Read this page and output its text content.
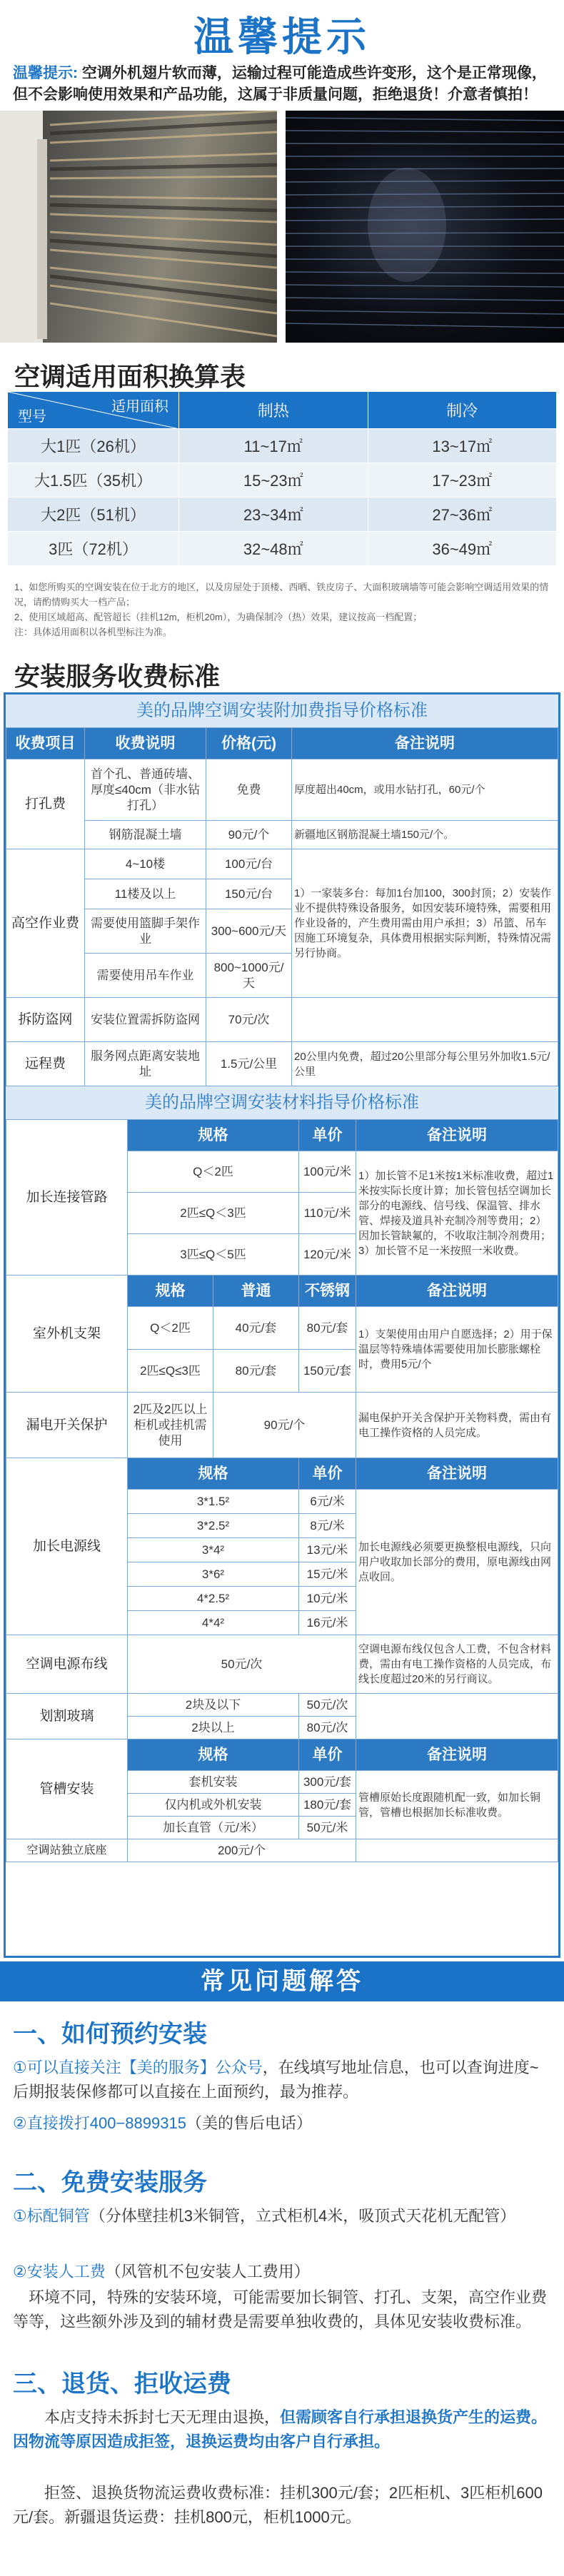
温馨提示
温馨提示: 空调外机翅片软而薄，运输过程可能造成些许变形，这个是正常现像，但不会影响使用效果和产品功能，这属于非质量问题，拒绝退货！介意者慎拍！
空调适用面积换算表
适用面积
型号	制热	制冷
大1匹（26机）	11~17㎡	13~17㎡
大1.5匹（35机）	15~23㎡	17~23㎡
大2匹（51机）	23~34㎡	27~36㎡
3匹（72机）	32~48㎡	36~49㎡
1、如您所购买的空调安装在位于北方的地区，以及房屋处于顶楼、西晒、铁皮房子、大面积玻璃墙等可能会影响空调适用效果的情况，请酌情购买大一档产品；
2、使用区域超高、配管超长（挂机12m，柜机20m），为确保制冷（热）效果，建议按高一档配置；
注：具体适用面积以各机型标注为准。
安装服务收费标准
美的品牌空调安装附加费指导价格标准
收费项目	收费说明	价格(元)	备注说明
打孔费	首个孔、普通砖墙、厚度≤40cm（非水钻打孔）	免费	厚度超出40cm，或用水钻打孔，60元/个
	钢筋混凝土墙	90元/个	新疆地区钢筋混凝土墙150元/个。
高空作业费	4~10楼	100元/台	1）一家装多台：每加1台加100，300封顶；2）安装作业不提供特殊设备服务，如因安装环境特殊，需要租用作业设备的，产生费用需由用户承担；3）吊篮、吊车因施工环境复杂，具体费用根据实际判断，特殊情况需另行协商。
	11楼及以上	150元/台	
	需要使用篮脚手架作业	300~600元/天	
	需要使用吊车作业	800~1000元/天	
拆防盗网	安装位置需拆防盗网	70元/次	
远程费	服务网点距离安装地址	1.5元/公里	20公里内免费，超过20公里部分每公里另外加收1.5元/公里
美的品牌空调安装材料指导价格标准
加长连接管路	规格		单价	备注说明
	Q＜2匹		100元/米	1）加长管不足1米按1米标准收费，超过1米按实际长度计算；加长管包括空调加长部分的电源线、信号线、保温管、排水管、焊接及道具补充制冷剂等费用；2）因加长管缺氟的，不收取注制冷剂费用；3）加长管不足一米按照一米收费。
	2匹≤Q＜3匹		110元/米	
	3匹≤Q＜5匹		120元/米	
室外机支架	规格	普通	不锈钢	备注说明
	Q＜2匹	40元/套	80元/套	1）支架使用由用户自愿选择；2）用于保温层等特殊墙体需要使用加长膨胀螺栓时，费用5元/个
	2匹≤Q≤3匹	80元/套	150元/套	
漏电开关保护	2匹及2匹以上柜机或挂机需使用	90元/个		漏电保护开关含保护开关物料费，需由有电工操作资格的人员完成。
加长电源线	规格		单价	备注说明
	3*1.5²		6元/米	加长电源线必须要更换整根电源线，只向用户收取加长部分的费用，原电源线由网点收回。
	3*2.5²		8元/米	
	3*4²		13元/米	
	3*6²		15元/米	
	4*2.5²		10元/米	
	4*4²		16元/米	
空调电源布线	50元/次			空调电源布线仅包含人工费，不包含材料费，需由有电工操作资格的人员完成，布线长度超过20米的另行商议。
划割玻璃	2块及以下		50元/次	
	2块以上		80元/次	
管槽安装	规格		单价	备注说明
	套机安装		300元/套	管槽原始长度跟随机配一致，如加长铜管，管槽也根据加长标准收费。
	仅内机或外机安装		180元/套	
	加长直管（元/米）		50元/米	
空调站独立底座	200元/个			
常见问题解答
一、如何预约安装
①可以直接关注【美的服务】公众号，在线填写地址信息，也可以查询进度~ 后期报装保修都可以直接在上面预约，最为推荐。
②直接拨打400−8899315（美的售后电话）
二、免费安装服务
①标配铜管（分体壁挂机3米铜管，立式柜机4米，吸顶式天花机无配管）
②安装人工费（风管机不包安装人工费用）
环境不同，特殊的安装环境，可能需要加长铜管、打孔、支架，高空作业费　等等，这些额外涉及到的辅材费是需要单独收费的，具体见安装收费标准。
三、退货、拒收运费
本店支持未拆封七天无理由退换，但需顾客自行承担退换货产生的运费。因物流等原因造成拒签，退换运费均由客户自行承担。
拒签、退换货物流运费收费标准：挂机300元/套；2匹柜机、3匹柜机600元/套。新疆退货运费：挂机800元，柜机1000元。
